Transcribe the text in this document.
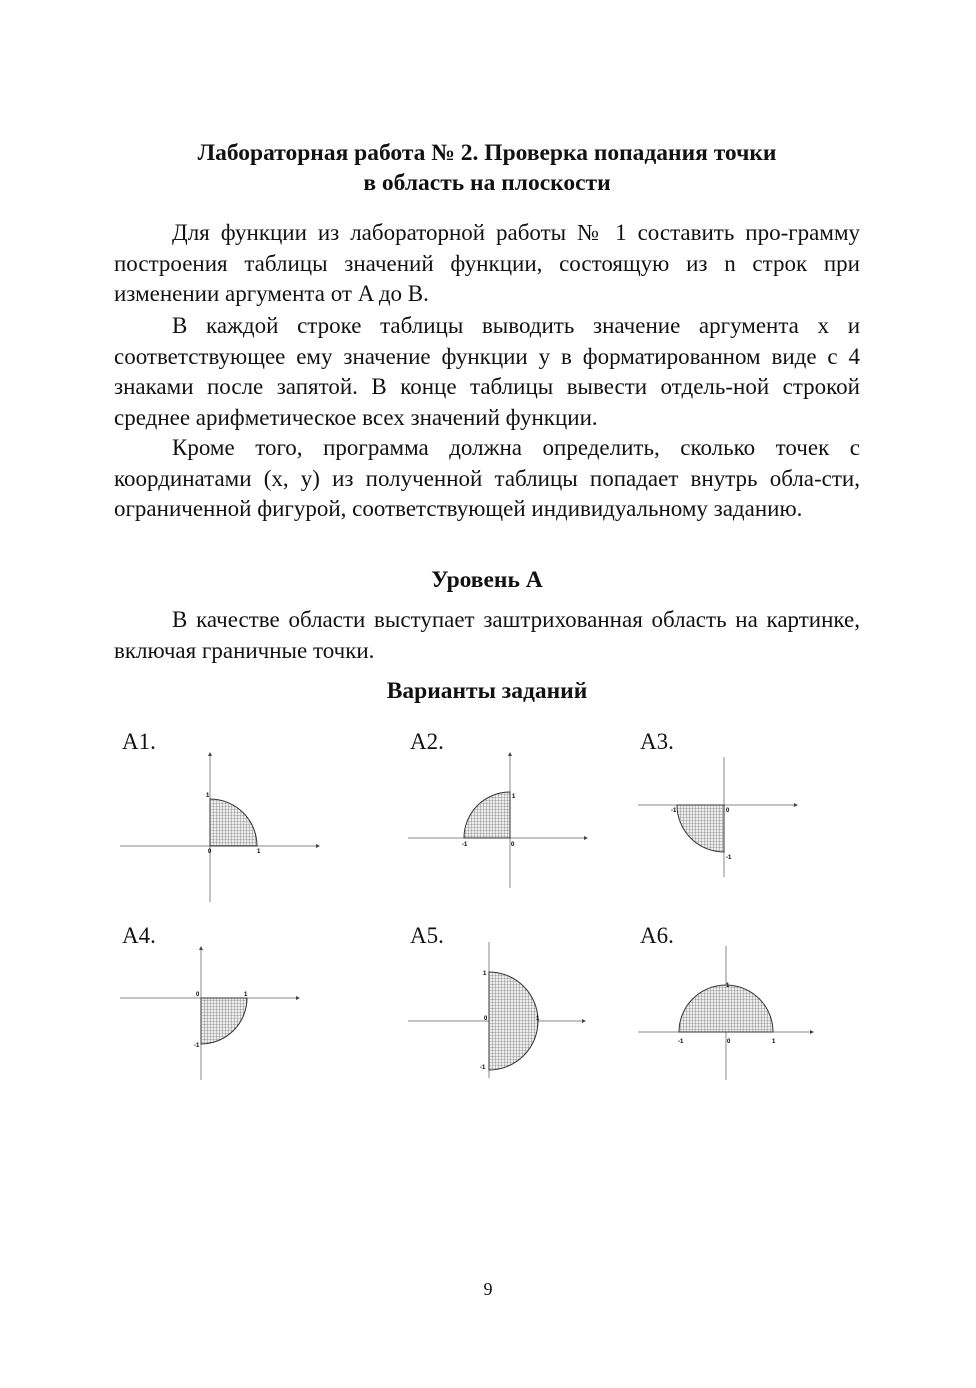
Лабораторная работа № 2. Проверка попадания точки
в область на плоскости

Для функции из лабораторной работы № 1 составить про-грамму построения таблицы значений функции, состоящую из n строк при изменении аргумента от A до B.

В каждой строке таблицы выводить значение аргумента x и соответствующее ему значение функции y в форматированном виде с 4 знаками после запятой. В конце таблицы вывести отдель-ной строкой среднее арифметическое всех значений функции.

Кроме того, программа должна определить, сколько точек с координатами (x, y) из полученной таблицы попадает внутрь обла-сти, ограниченной фигурой, соответствующей индивидуальному заданию.

Уровень A

В качестве области выступает заштрихованная область на картинке, включая граничные точки.

Варианты заданий
A1.	A2.	A3.
A4.	A5.	A6.
1
0	1
1
-1	0
-1	0
-1
0	1
-1
1
0	1
-1
1
-1	0	1
9
